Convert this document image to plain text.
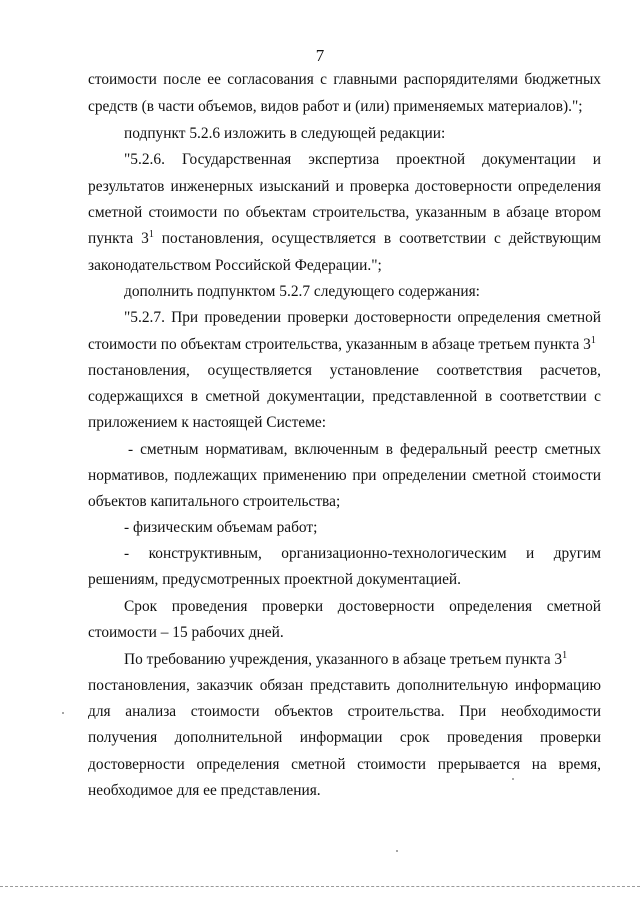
7
стоимости после ее согласования с главными распорядителями бюджетных
средств (в части объемов, видов работ и (или) применяемых материалов).";
подпункт 5.2.6 изложить в следующей редакции:
"5.2.6. Государственная экспертиза проектной документации и
результатов инженерных изысканий и проверка достоверности определения
сметной стоимости по объектам строительства, указанным в абзаце втором
пункта $3^1$ постановления, осуществляется в соответствии с действующим
законодательством Российской Федерации.";
дополнить подпунктом 5.2.7 следующего содержания:
"5.2.7. При проведении проверки достоверности определения сметной
стоимости по объектам строительства, указанным в абзаце третьем пункта $3^1$
постановления, осуществляется установление соответствия расчетов,
содержащихся в сметной документации, представленной в соответствии с
приложением к настоящей Системе:
- сметным нормативам, включенным в федеральный реестр сметных
нормативов, подлежащих применению при определении сметной стоимости
объектов капитального строительства;
- физическим объемам работ;
- конструктивным, организационно-технологическим и другим
решениям, предусмотренных проектной документацией.
Срок проведения проверки достоверности определения сметной
стоимости – 15 рабочих дней.
По требованию учреждения, указанного в абзаце третьем пункта $3^1$
постановления, заказчик обязан представить дополнительную информацию
для анализа стоимости объектов строительства. При необходимости
получения дополнительной информации срок проведения проверки
достоверности определения сметной стоимости прерывается на время,
необходимое для ее представления.
